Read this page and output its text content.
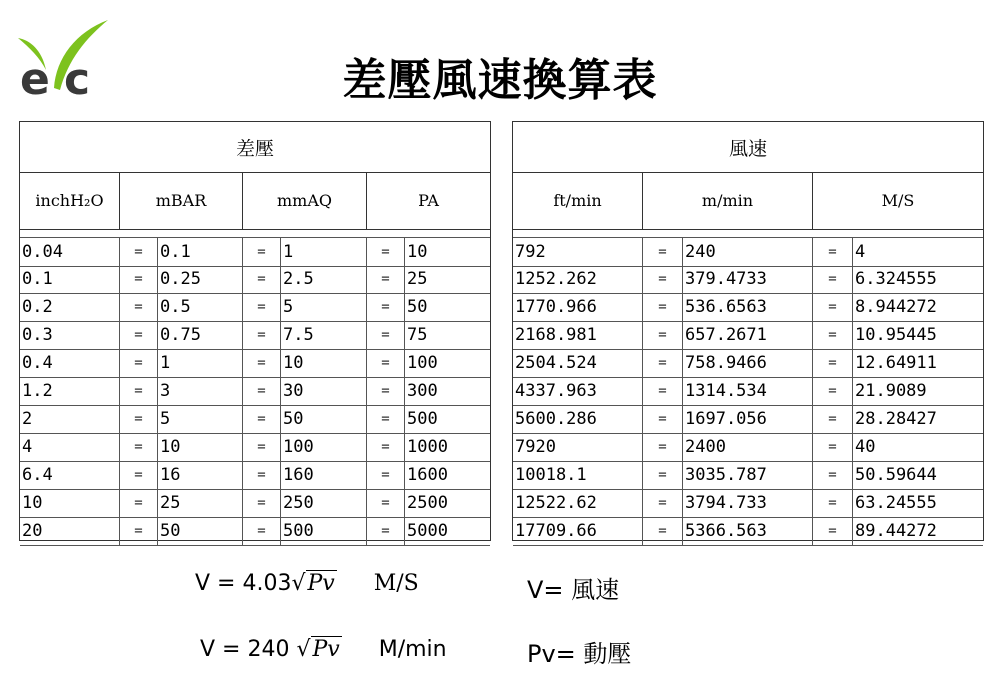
e c	差壓風速換算表
差壓
inchH₂O	mBAR	mmAQ	PA
0.04	=	0.1	=	1	=	10
0.1	=	0.25	=	2.5	=	25
0.2	=	0.5	=	5	=	50
0.3	=	0.75	=	7.5	=	75
0.4	=	1	=	10	=	100
1.2	=	3	=	30	=	300
2	=	5	=	50	=	500
4	=	10	=	100	=	1000
6.4	=	16	=	160	=	1600
10	=	25	=	250	=	2500
20	=	50	=	500	=	5000
風速
ft/min	m/min	M/S
792	=	240	=	4
1252.262	=	379.4733	=	6.324555
1770.966	=	536.6563	=	8.944272
2168.981	=	657.2671	=	10.95445
2504.524	=	758.9466	=	12.64911
4337.963	=	1314.534	=	21.9089
5600.286	=	1697.056	=	28.28427
7920	=	2400	=	40
10018.1	=	3035.787	=	50.59644
12522.62	=	3794.733	=	63.24555
17709.66	=	5366.563	=	89.44272
V = 4.03√Pv M/S
V = 240 √Pv M/min
V= 風速
Pv= 動壓
